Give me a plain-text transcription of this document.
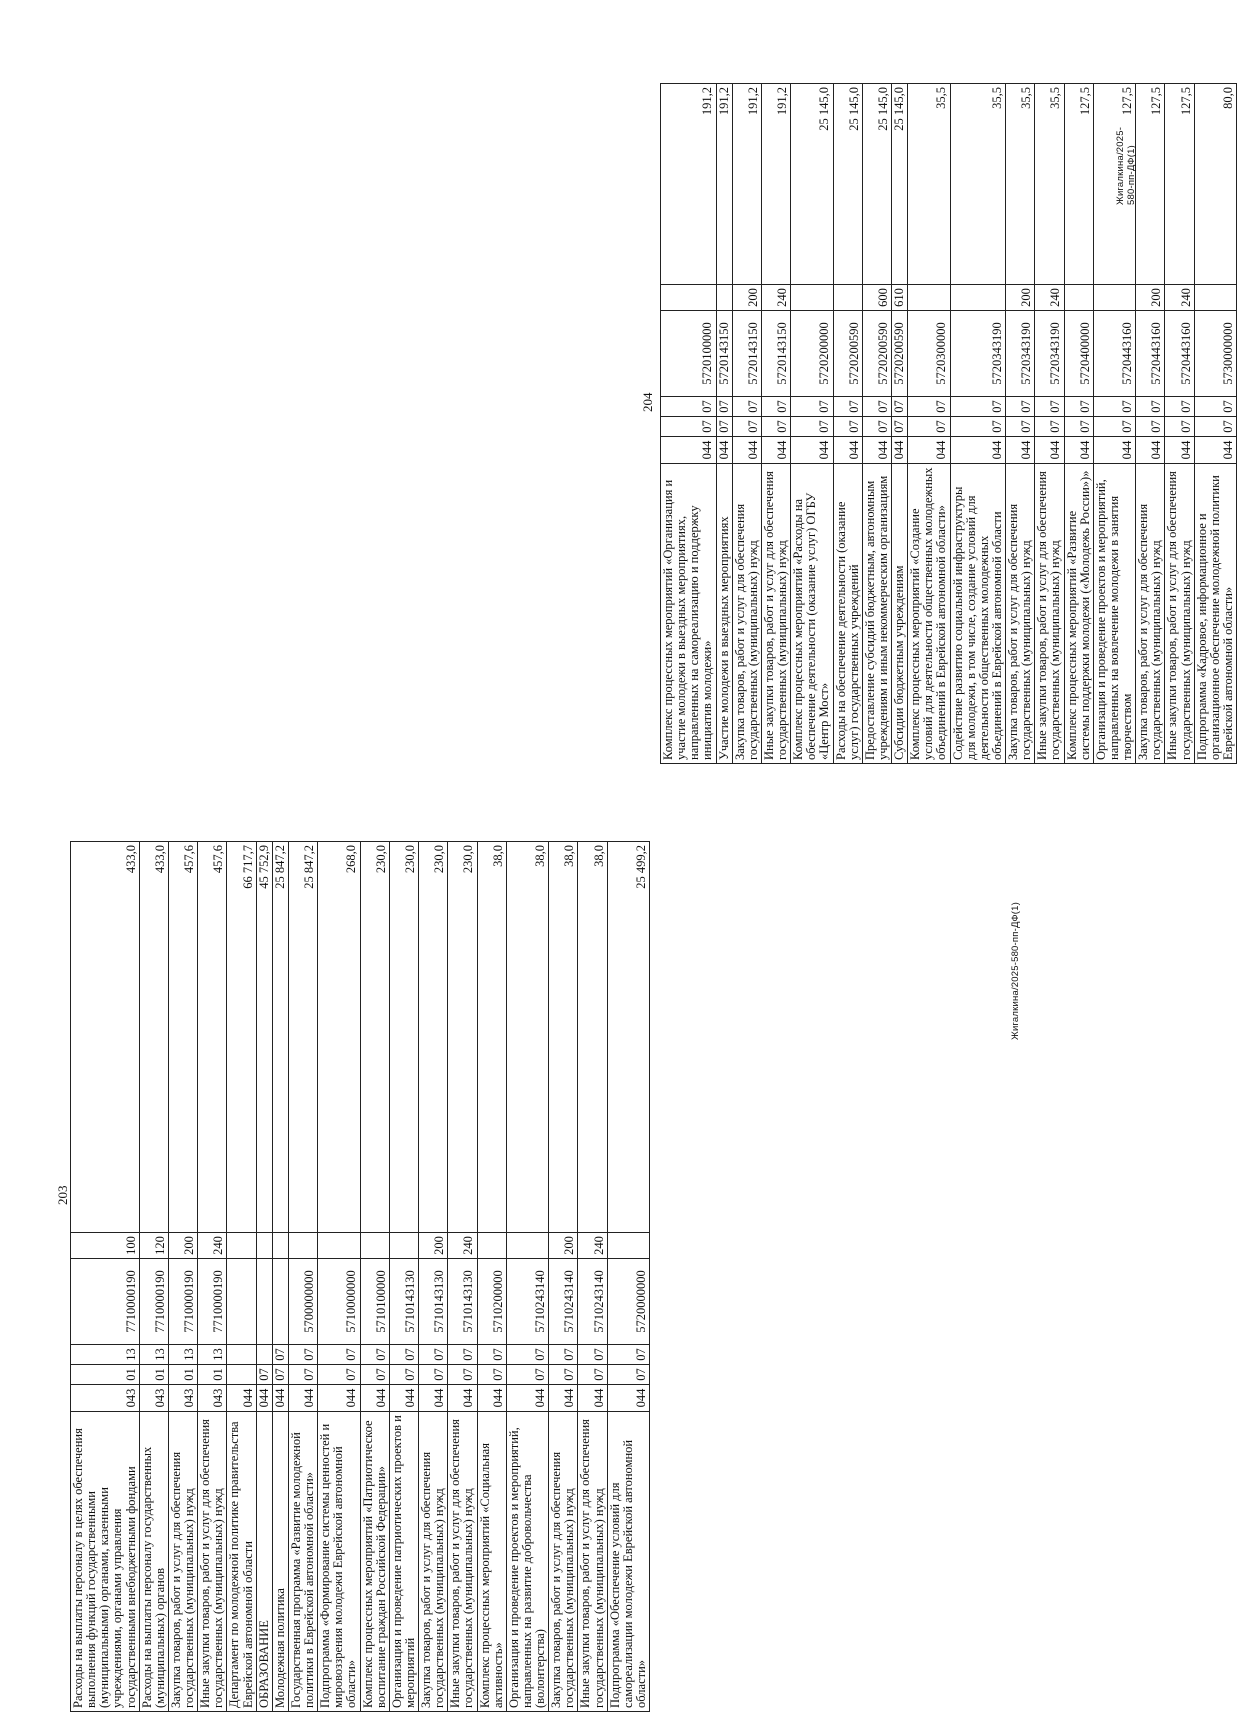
203
204
Расходы на выплаты персоналу в целях обеспечения выполнения функций государственными (муниципальными) органами, казенными учреждениями, органами управления государственными внебюджетными фондами	043	01	13	7710000190	100	433,0
Расходы на выплаты персоналу государственных (муниципальных) органов	043	01	13	7710000190	120	433,0
Закупка товаров, работ и услуг для обеспечения государственных (муниципальных) нужд	043	01	13	7710000190	200	457,6
Иные закупки товаров, работ и услуг для обеспечения государственных (муниципальных) нужд	043	01	13	7710000190	240	457,6
Департамент по молодежной политике правительства Еврейской автономной области	044					66 717,7
ОБРАЗОВАНИЕ	044	07				45 752,9
Молодежная политика	044	07	07			25 847,2
Государственная программа «Развитие молодежной политики в Еврейской автономной области»	044	07	07	5700000000		25 847,2
Подпрограмма «Формирование системы ценностей и мировоззрения молодежи Еврейской автономной области»	044	07	07	5710000000		268,0
Комплекс процессных мероприятий «Патриотическое воспитание граждан Российской Федерации»	044	07	07	5710100000		230,0
Организация и проведение патриотических проектов и мероприятий	044	07	07	5710143130		230,0
Закупка товаров, работ и услуг для обеспечения государственных (муниципальных) нужд	044	07	07	5710143130	200	230,0
Иные закупки товаров, работ и услуг для обеспечения государственных (муниципальных) нужд	044	07	07	5710143130	240	230,0
Комплекс процессных мероприятий «Социальная активность»	044	07	07	5710200000		38,0
Организация и проведение проектов и мероприятий, направленных на развитие добровольчества (волонтерства)	044	07	07	5710243140		38,0
Закупка товаров, работ и услуг для обеспечения государственных (муниципальных) нужд	044	07	07	5710243140	200	38,0
Иные закупки товаров, работ и услуг для обеспечения государственных (муниципальных) нужд	044	07	07	5710243140	240	38,0
Подпрограмма «Обеспечение условий для самореализации молодежи Еврейской автономной области»	044	07	07	5720000000		25 499,2
Комплекс процессных мероприятий «Организация и участие молодежи в выездных мероприятиях, направленных на самореализацию и поддержку инициатив молодежи»	044	07	07	5720100000		191,2
Участие молодежи в выездных мероприятиях	044	07	07	5720143150		191,2
Закупка товаров, работ и услуг для обеспечения государственных (муниципальных) нужд	044	07	07	5720143150	200	191,2
Иные закупки товаров, работ и услуг для обеспечения государственных (муниципальных) нужд	044	07	07	5720143150	240	191,2
Комплекс процессных мероприятий «Расходы на обеспечение деятельности (оказание услуг) ОГБУ «Центр Мост»	044	07	07	5720200000		25 145,0
Расходы на обеспечение деятельности (оказание услуг) государственных учреждений	044	07	07	5720200590		25 145,0
Предоставление субсидий бюджетным, автономным учреждениям и иным некоммерческим организациям	044	07	07	5720200590	600	25 145,0
Субсидии бюджетным учреждениям	044	07	07	5720200590	610	25 145,0
Комплекс процессных мероприятий «Создание условий для деятельности общественных молодежных объединений в Еврейской автономной области»	044	07	07	5720300000		35,5
Содействие развитию социальной инфраструктуры для молодежи, в том числе, создание условий для деятельности общественных молодежных объединений в Еврейской автономной области	044	07	07	5720343190		35,5
Закупка товаров, работ и услуг для обеспечения государственных (муниципальных) нужд	044	07	07	5720343190	200	35,5
Иные закупки товаров, работ и услуг для обеспечения государственных (муниципальных) нужд	044	07	07	5720343190	240	35,5
Комплекс процессных мероприятий «Развитие системы поддержки молодежи («Молодежь России»)»	044	07	07	5720400000		127,5
Организация и проведение проектов и мероприятий, направленных на вовлечение молодежи в занятия творчеством	044	07	07	5720443160		127,5
Закупка товаров, работ и услуг для обеспечения государственных (муниципальных) нужд	044	07	07	5720443160	200	127,5
Иные закупки товаров, работ и услуг для обеспечения государственных (муниципальных) нужд	044	07	07	5720443160	240	127,5
Подпрограмма «Кадровое, информационное и организационное обеспечение молодежной политики Еврейской автономной области»	044	07	07	5730000000		80,0
Жигалкина/2025-580-пп-ДФ(1)
Жигалкина/2025-580-пп-ДФ(1)
